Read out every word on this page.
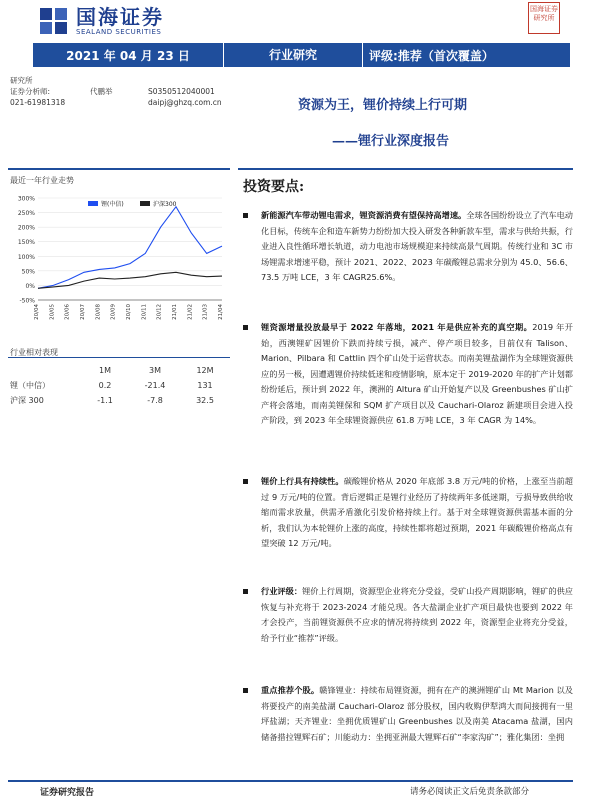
国海证券
SEALAND SECURITIES
国海证券研究所
2021 年 04 月 23 日	行业研究	评级: 推荐（首次覆盖）
研究所
证券分析师:	代鹏举	S0350512040001
021-61981318	daipj@ghzq.com.cn	资源为王，锂价持续上行可期
——锂行业深度报告
最近一年行业走势
-50%
0%
50%
100%
150%
200%
250%
300%
20/04 20/05 20/06 20/07 20/08 20/09 20/10 20/11 20/12 21/01 21/02 21/03 21/04
锂(中信)	沪深300
行业相对表现
1M	3M	12M
锂（中信）	0.2	-21.4	131
沪深 300	-1.1	-7.8	32.5
投资要点:
新能源汽车带动锂电需求，锂资源消费有望保持高增速。全球各国纷纷设立了汽车电动化目标，传统车企和造车新势力纷纷加大投入研发各种新款车型，需求与供给共振，行业进入良性循环增长轨道，动力电池市场规模迎来持续高景气周期。传统行业和 3C 市场锂需求增速平稳，预计 2021、2022、2023 年碳酸锂总需求分别为 45.0、56.6、73.5 万吨 LCE，3 年 CAGR25.6%。
锂资源增量投放最早于 2022 年落地，2021 年是供应补充的真空期。2019 年开始，西澳锂矿因锂价下跌而持续亏损，减产、停产项目较多，目前仅有 Talison、Marion、Pilbara 和 Cattlin 四个矿山处于运营状态。而南美锂盐湖作为全球锂资源供应的另一极，因遭遇锂价持续低迷和疫情影响，原本定于 2019-2020 年的扩产计划都纷纷延后，预计到 2022 年，澳洲的 Altura 矿山开始复产以及 Greenbushes 矿山扩产将会落地，而南美锂保和 SQM 扩产项目以及 Cauchari-Olaroz 新建项目会进入投产阶段，到 2023 年全球锂资源供应 61.8 万吨 LCE，3 年 CAGR 为 14%。
锂价上行具有持续性。碳酸锂价格从 2020 年底部 3.8 万元/吨的价格，上涨至当前超过 9 万元/吨的位置。背后逻辑正是锂行业经历了持续两年多低迷期，亏损导致供给收缩而需求放量，供需矛盾激化引发价格持续上行。基于对全球锂资源供需基本面的分析，我们认为本轮锂价上涨的高度，持续性都将超过预期，2021 年碳酸锂价格高点有望突破 12 万元/吨。
行业评级：锂价上行周期，资源型企业将充分受益，受矿山投产周期影响，锂矿的供应恢复与补充将于 2023-2024 才能兑现。各大盐湖企业扩产项目最快也要到 2022 年才会投产，当前锂资源供不应求的情况将持续到 2022 年，资源型企业将充分受益，给予行业“推荐”评级。
重点推荐个股。赣锋锂业：持续布局锂资源，拥有在产的澳洲锂矿山 Mt Marion 以及将要投产的南美盐湖 Cauchari-Olaroz 部分股权，国内收购伊犁鸿大而间接拥有一里坪盐湖；天齐锂业：坐拥优质锂矿山 Greenbushes 以及南美 Atacama 盐湖，国内储备措拉锂辉石矿；川能动力：坐拥亚洲最大锂辉石矿“李家沟矿”；雅化集团：坐拥
证券研究报告	请务必阅读正文后免责条款部分
